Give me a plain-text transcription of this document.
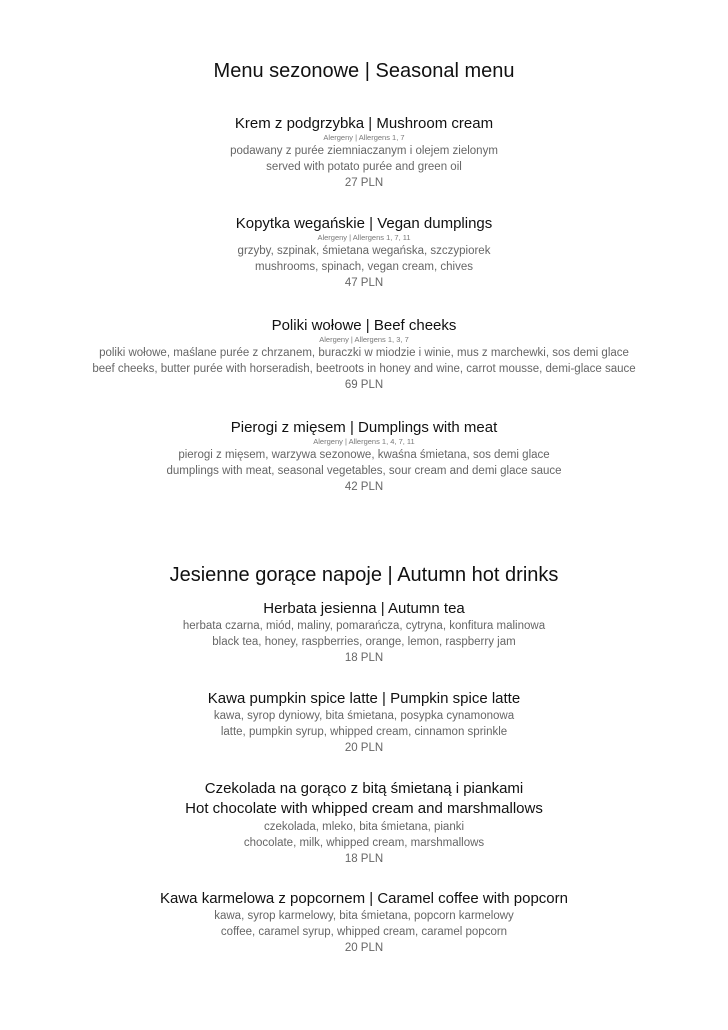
Menu sezonowe | Seasonal menu

Krem z podgrzybka | Mushroom cream

Alergeny | Allergens 1, 7

podawany z purée ziemniaczanym i olejem zielonym

served with potato purée and green oil

27 PLN

Kopytka wegańskie | Vegan dumplings

Alergeny | Allergens 1, 7, 11

grzyby, szpinak, śmietana wegańska, szczypiorek

mushrooms, spinach, vegan cream, chives

47 PLN

Poliki wołowe | Beef cheeks

Alergeny | Allergens 1, 3, 7

poliki wołowe, maślane purée z chrzanem, buraczki w miodzie i winie, mus z marchewki, sos demi glace

beef cheeks, butter purée with horseradish, beetroots in honey and wine, carrot mousse, demi-glace sauce

69 PLN

Pierogi z mięsem | Dumplings with meat

Alergeny | Allergens 1, 4, 7, 11

pierogi z mięsem, warzywa sezonowe, kwaśna śmietana, sos demi glace

dumplings with meat, seasonal vegetables, sour cream and demi glace sauce

42 PLN

Jesienne gorące napoje | Autumn hot drinks

Herbata jesienna | Autumn tea

herbata czarna, miód, maliny, pomarańcza, cytryna, konfitura malinowa

black tea, honey, raspberries, orange, lemon, raspberry jam

18 PLN

Kawa pumpkin spice latte | Pumpkin spice latte

kawa, syrop dyniowy, bita śmietana, posypka cynamonowa

latte, pumpkin syrup, whipped cream, cinnamon sprinkle

20 PLN

Czekolada na gorąco z bitą śmietaną i piankami

Hot chocolate with whipped cream and marshmallows

czekolada, mleko, bita śmietana, pianki

chocolate, milk, whipped cream, marshmallows

18 PLN

Kawa karmelowa z popcornem | Caramel coffee with popcorn

kawa, syrop karmelowy, bita śmietana, popcorn karmelowy

coffee, caramel syrup, whipped cream, caramel popcorn

20 PLN
